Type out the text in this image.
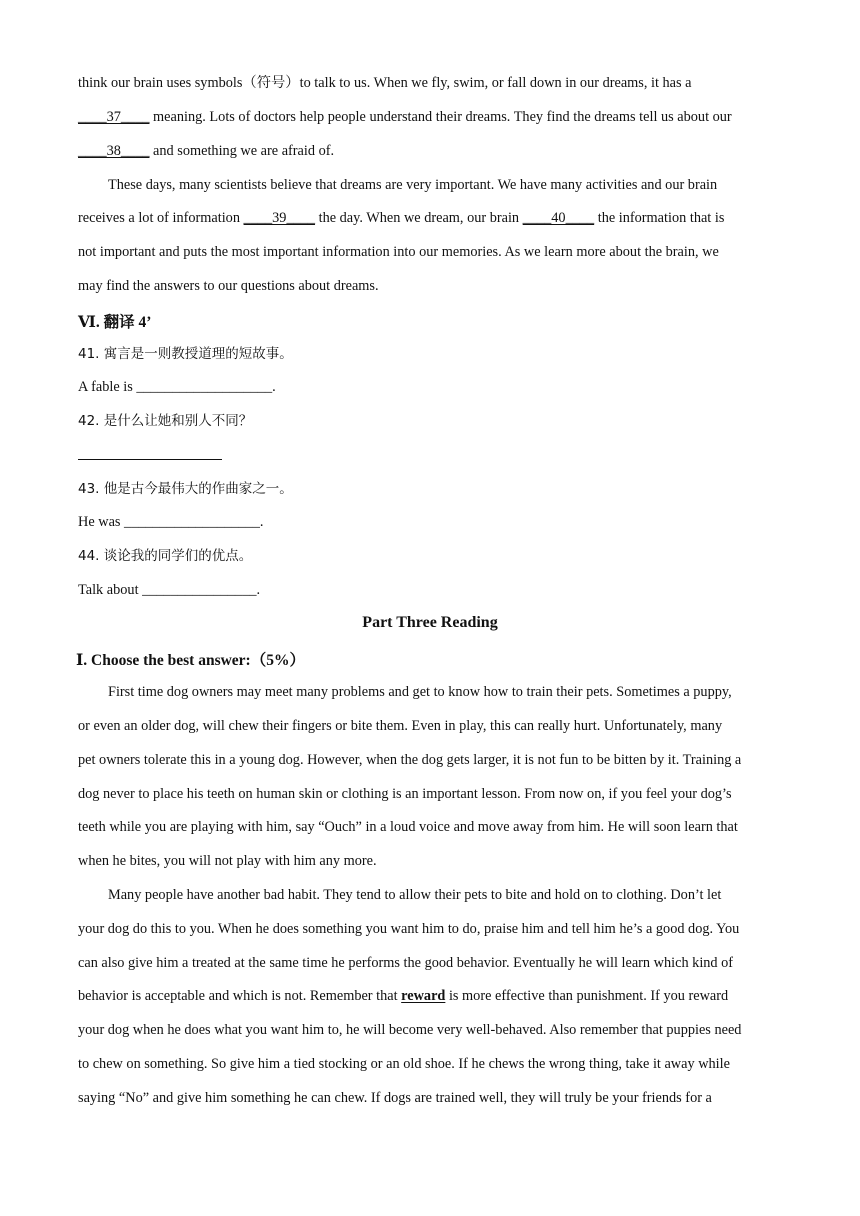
think our brain uses symbols（符号）to talk to us. When we fly, swim, or fall down in our dreams, it has a
____37____ meaning. Lots of doctors help people understand their dreams. They find the dreams tell us about our
____38____ and something we are afraid of.
These days, many scientists believe that dreams are very important. We have many activities and our brain
receives a lot of information ____39____ the day. When we dream, our brain ____40____ the information that is
not important and puts the most important information into our memories. As we learn more about the brain, we
may find the answers to our questions about dreams.
Ⅵ. 翻译 4’
41. 寓言是一则教授道理的短故事。
A fable is ___________________.
42. 是什么让她和别人不同？
43. 他是古今最伟大的作曲家之一。
He was ___________________.
44. 谈论我的同学们的优点。
Talk about ________________.
Part Three Reading
Ⅰ. Choose the best answer:（5%）
First time dog owners may meet many problems and get to know how to train their pets. Sometimes a puppy,
or even an older dog, will chew their fingers or bite them. Even in play, this can really hurt. Unfortunately, many
pet owners tolerate this in a young dog. However, when the dog gets larger, it is not fun to be bitten by it. Training a
dog never to place his teeth on human skin or clothing is an important lesson. From now on, if you feel your dog’s
teeth while you are playing with him, say “Ouch” in a loud voice and move away from him. He will soon learn that
when he bites, you will not play with him any more.
Many people have another bad habit. They tend to allow their pets to bite and hold on to clothing. Don’t let
your dog do this to you. When he does something you want him to do, praise him and tell him he’s a good dog. You
can also give him a treated at the same time he performs the good behavior. Eventually he will learn which kind of
behavior is acceptable and which is not. Remember that reward is more effective than punishment. If you reward
your dog when he does what you want him to, he will become very well-behaved. Also remember that puppies need
to chew on something. So give him a tied stocking or an old shoe. If he chews the wrong thing, take it away while
saying “No” and give him something he can chew. If dogs are trained well, they will truly be your friends for a
